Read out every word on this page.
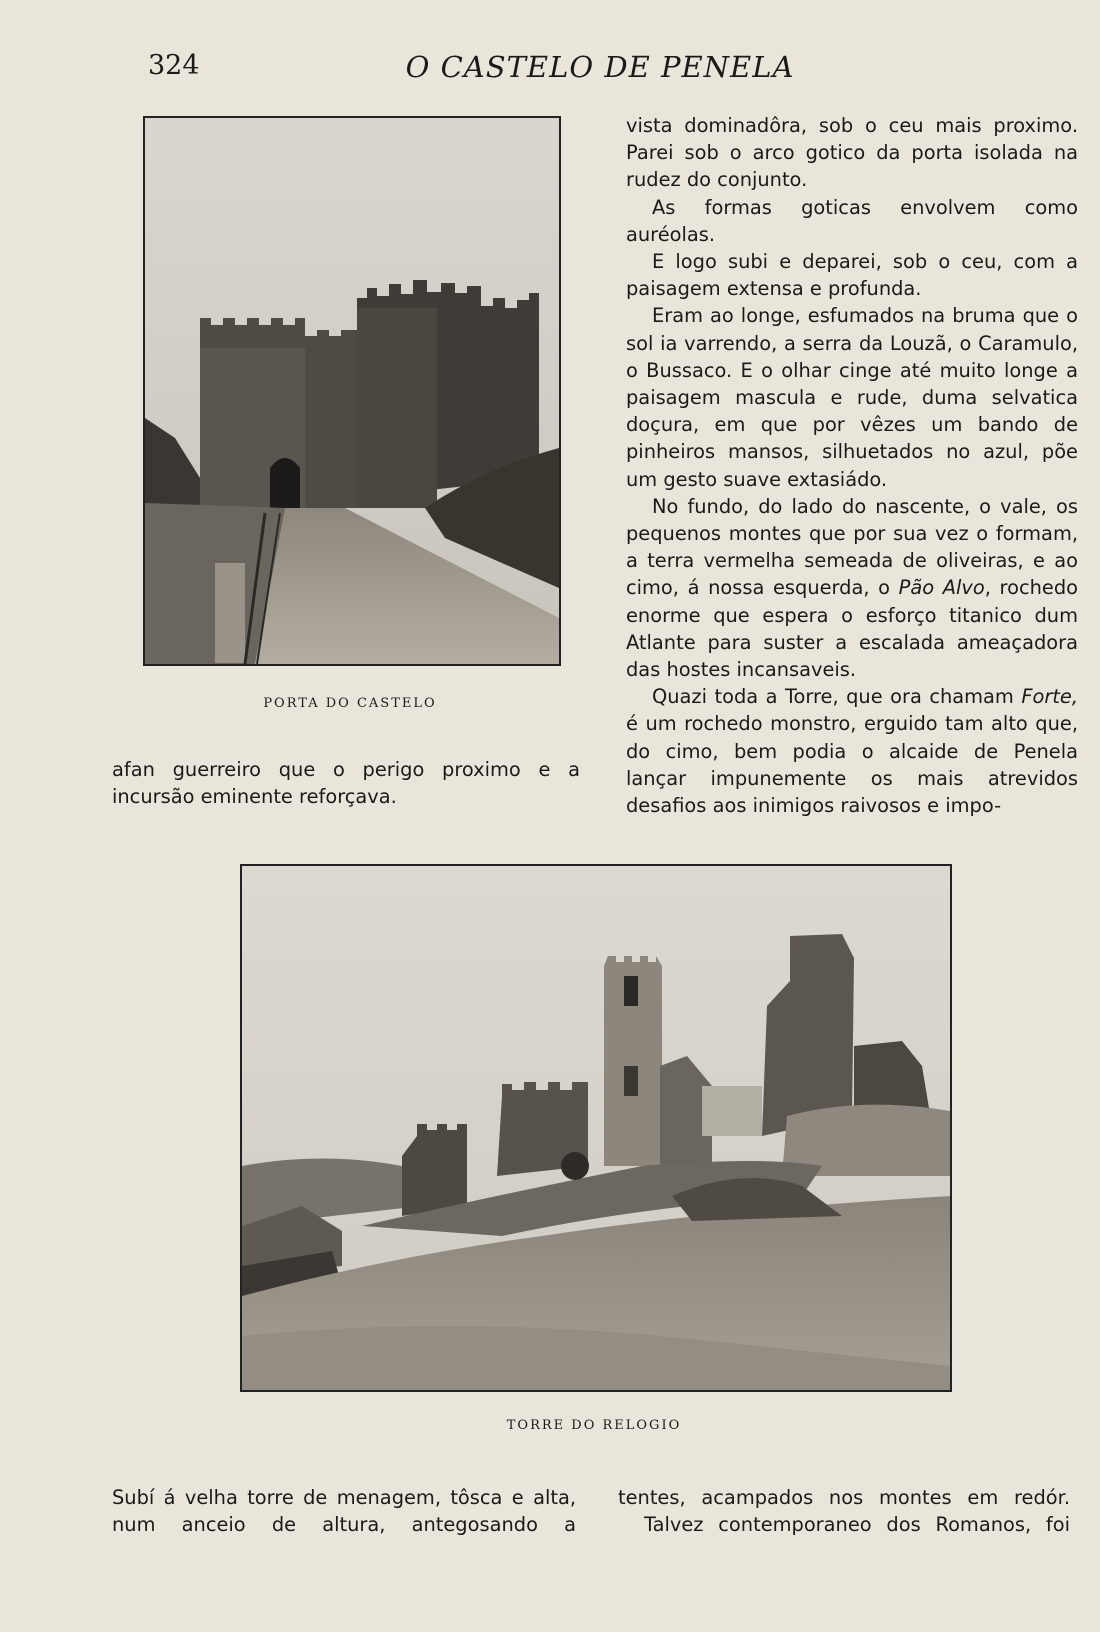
324	O CASTELO DE PENELA
PORTA DO CASTELO

afan guerreiro que o perigo proximo e a

incursão eminente reforçava.

vista dominadôra, sob o ceu mais proximo. Parei sob o arco gotico da porta isolada na rudez do conjunto.

As formas goticas envolvem como auréolas.

E logo subi e deparei, sob o ceu, com a paisagem extensa e profunda.

Eram ao longe, esfumados na bruma que o sol ia varrendo, a serra da Louzã, o Caramulo, o Bussaco. E o olhar cinge até muito longe a paisagem mascula e rude, duma selvatica doçura, em que por vêzes um bando de pinheiros mansos, silhuetados no azul, põe um gesto suave extasiádo.

No fundo, do lado do nascente, o vale, os pequenos montes que por sua vez o formam, a terra vermelha semeada de oliveiras, e ao cimo, á nossa esquerda, o Pão Alvo, rochedo enorme que espera o esforço titanico dum Atlante para suster a escalada ameaçadora das hostes incansaveis.

Quazi toda a Torre, que ora chamam Forte, é um rochedo monstro, erguido tam alto que, do cimo, bem podia o alcaide de Penela lançar impunemente os mais atrevidos desafios aos inimigos raivosos e impo-

TORRE DO RELOGIO
Subí á velha torre de menagem, tôsca e alta, num anceio de altura, antegosando a

tentes, acampados nos montes em redór.

Talvez contemporaneo dos Romanos, foi
